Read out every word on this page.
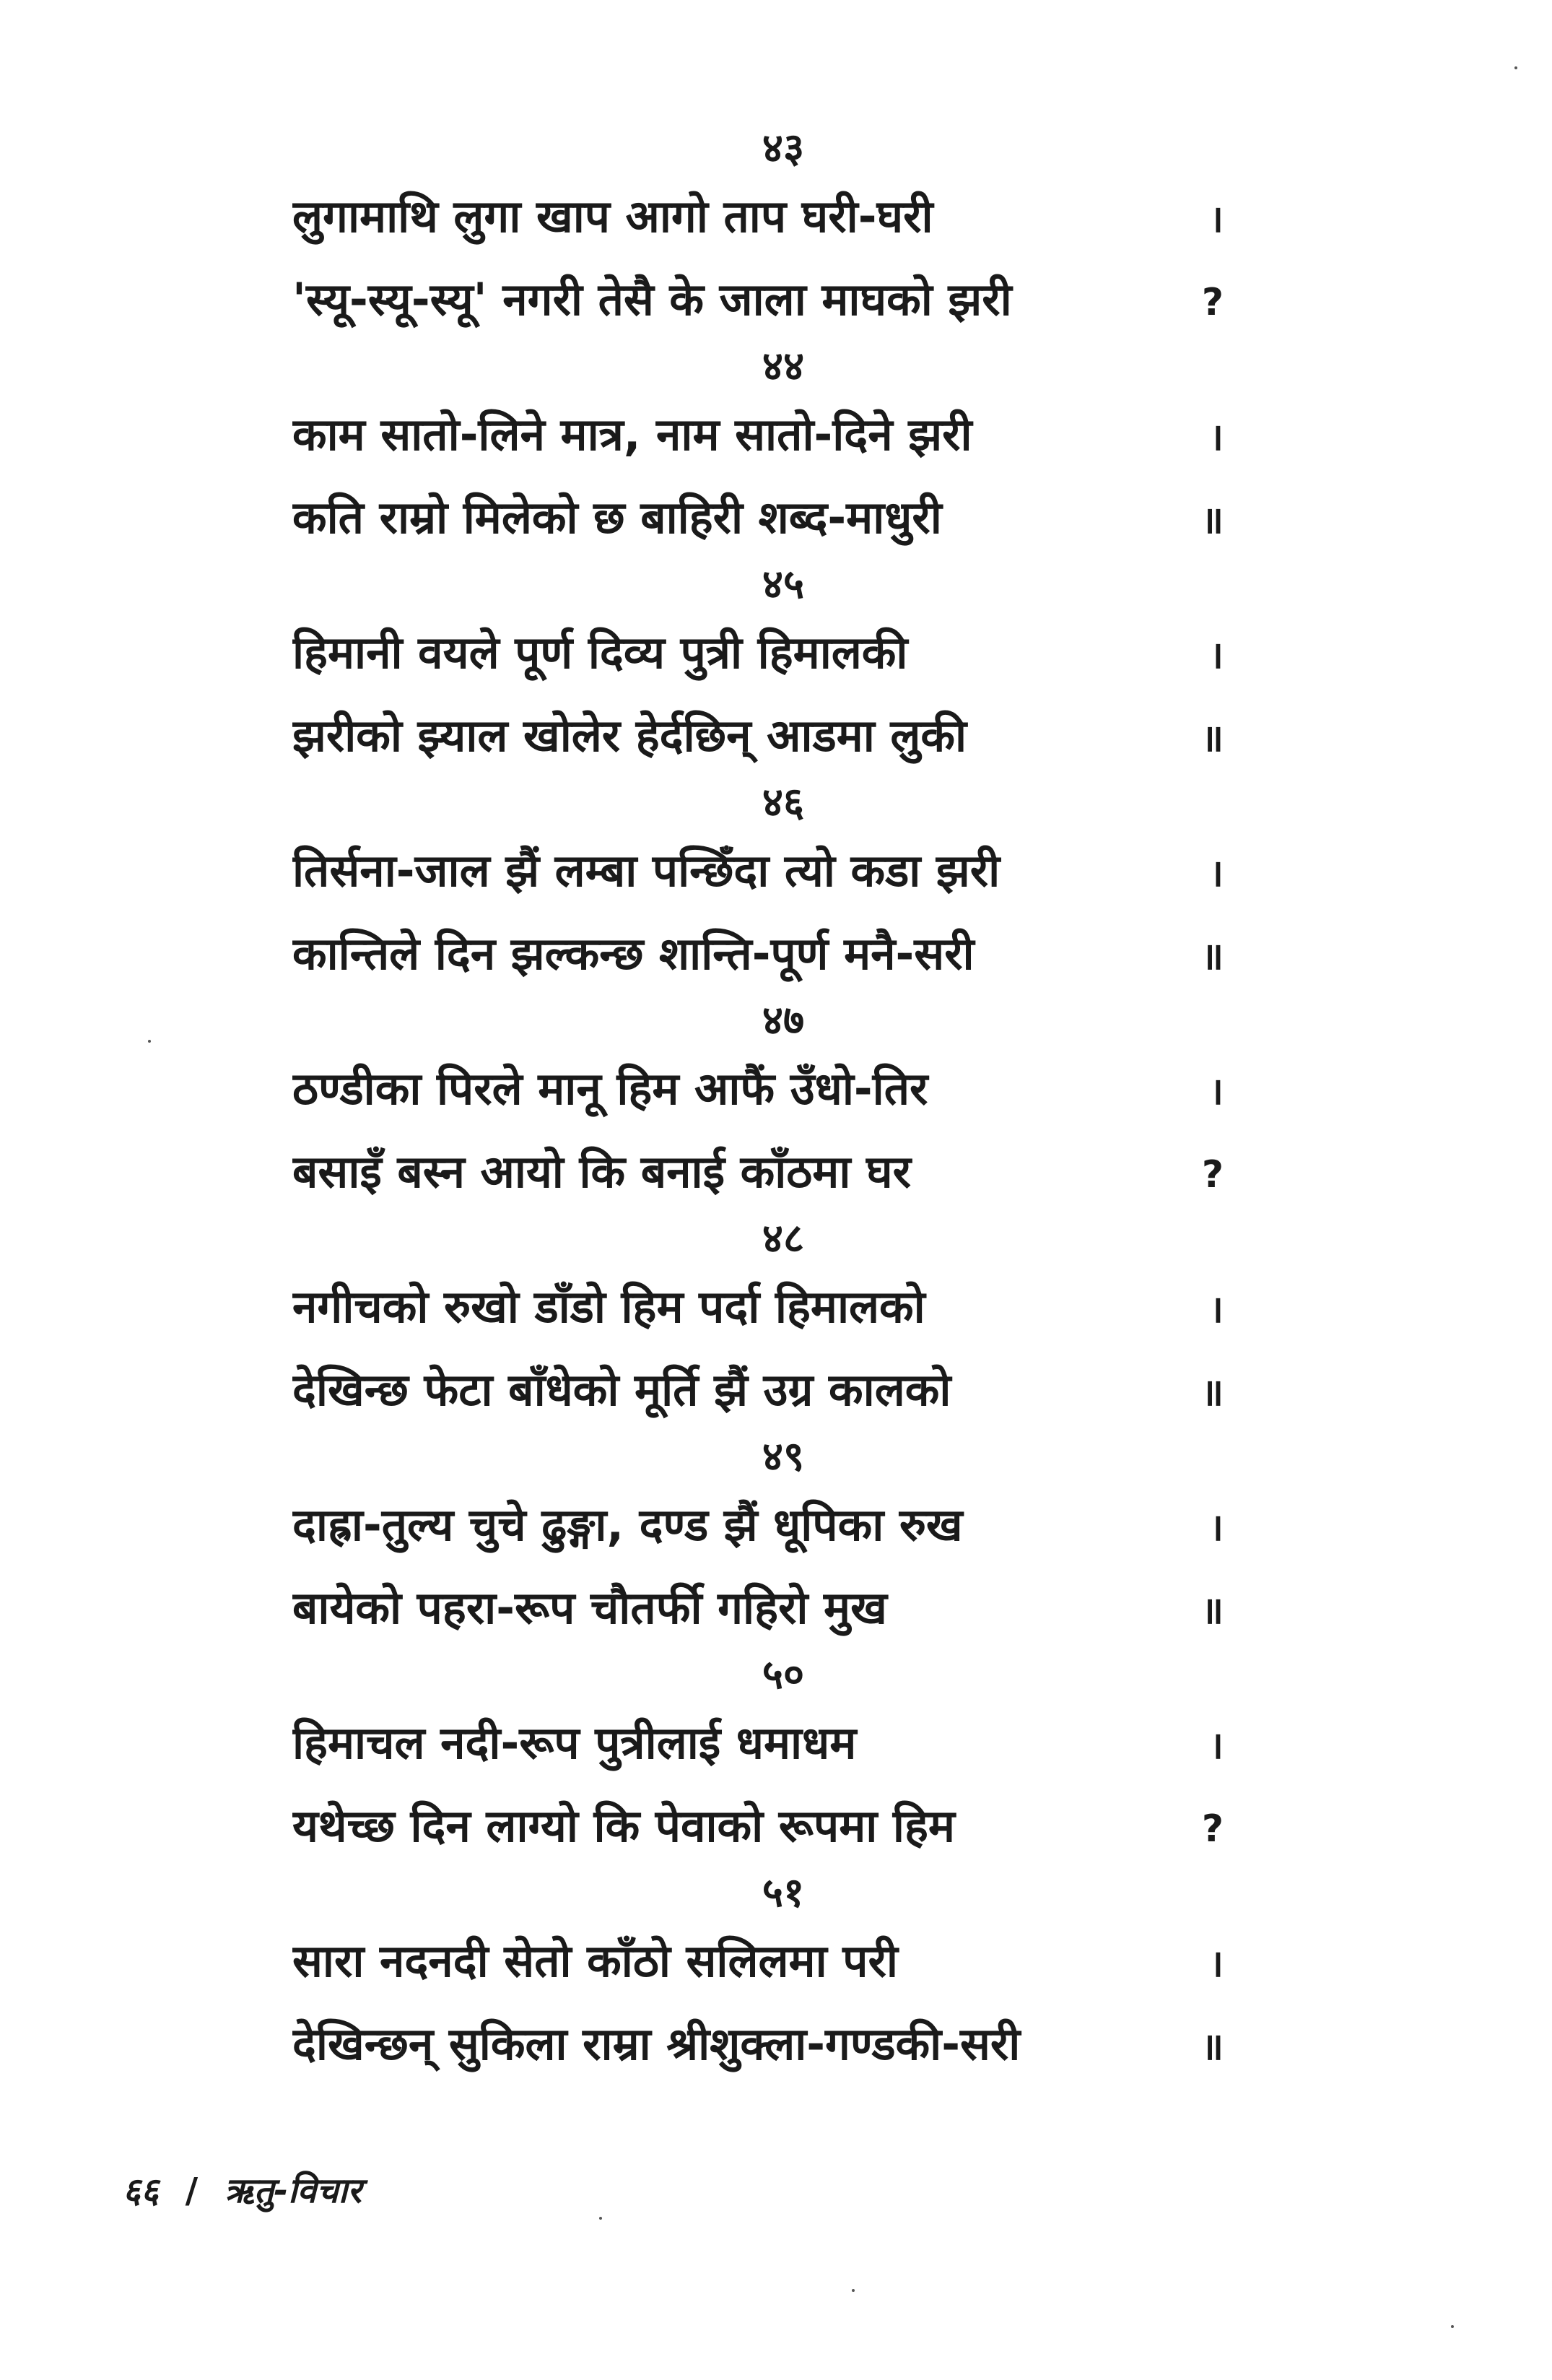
४३
लुगामाथि लुगा खाप आगो ताप घरी-घरी	।
'स्यू-स्यू-स्यू' नगरी तेसै के जाला माघको झरी	?
४४
काम सातो-लिने मात्र, नाम सातो-दिने झरी	।
कति राम्रो मिलेको छ बाहिरी शब्द-माधुरी	॥
४५
हिमानी वयले पूर्ण दिव्य पुत्री हिमालकी	।
झरीको झ्याल खोलेर हेर्दछिन् आडमा लुकी	॥
४६
तिर्सना-जाल झैं लम्बा पन्छिँदा त्यो कडा झरी	।
कान्तिले दिन झल्कन्छ शान्ति-पूर्ण मनै-सरी	॥
४७
ठण्डीका पिरले मानू हिम आफैं उँधो-तिर	।
बसाइँ बस्न आयो कि बनाई काँठमा घर	?
४८
नगीचको रुखो डाँडो हिम पर्दा हिमालको	।
देखिन्छ फेटा बाँधेको मूर्ति झैं उग्र कालको	॥
४९
दाह्रा-तुल्य चुचे ढुङ्गा, दण्ड झैं धूपिका रुख	।
बायेको पहरा-रूप चौतर्फी गहिरो मुख	॥
५०
हिमाचल नदी-रूप पुत्रीलाई धमाधम	।
यथेच्छ दिन लाग्यो कि पेवाको रूपमा हिम	?
५१
सारा नदनदी सेतो काँठो सलिलमा परी	।
देखिन्छन् सुकिला राम्रा श्रीशुक्ला-गण्डकी-सरी	॥
६६ / ऋतु-विचार
